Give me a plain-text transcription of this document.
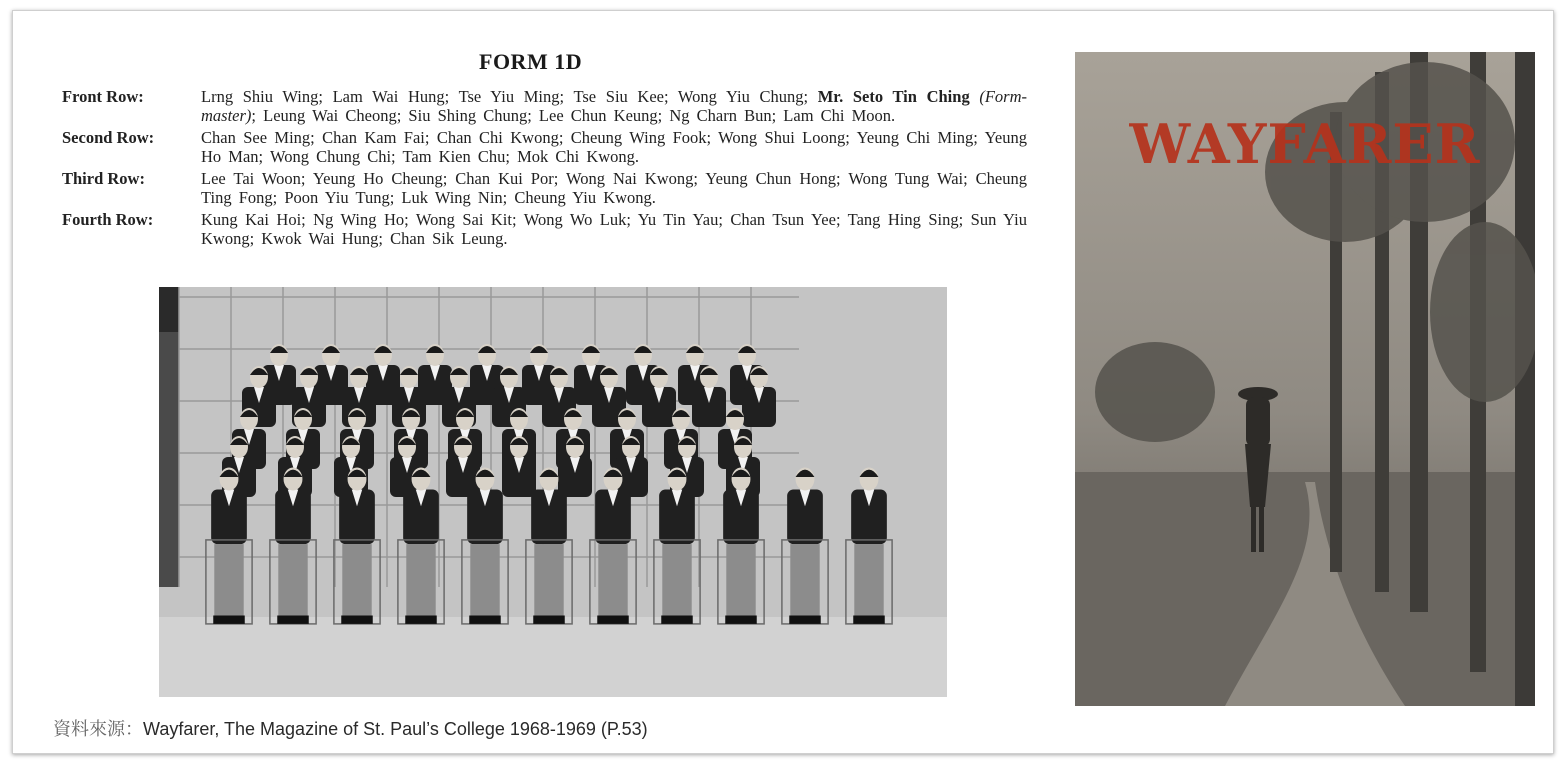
FORM 1D
Front Row:	Lrng Shiu Wing; Lam Wai Hung; Tse Yiu Ming; Tse Siu Kee; Wong Yiu Chung; Mr. Seto Tin Ching (Form-master); Leung Wai Cheong; Siu Shing Chung; Lee Chun Keung; Ng Charn Bun; Lam Chi Moon.
Second Row:	Chan See Ming; Chan Kam Fai; Chan Chi Kwong; Cheung Wing Fook; Wong Shui Loong; Yeung Chi Ming; Yeung Ho Man; Wong Chung Chi; Tam Kien Chu; Mok Chi Kwong.
Third Row:	Lee Tai Woon; Yeung Ho Cheung; Chan Kui Por; Wong Nai Kwong; Yeung Chun Hong; Wong Tung Wai; Cheung Ting Fong; Poon Yiu Tung; Luk Wing Nin; Cheung Yiu Kwong.
Fourth Row:	Kung Kai Hoi; Ng Wing Ho; Wong Sai Kit; Wong Wo Luk; Yu Tin Yau; Chan Tsun Yee; Tang Hing Sing; Sun Yiu Kwong; Kwok Wai Hung; Chan Sik Leung.
資料來源：Wayfarer, The Magazine of St. Paul’s College 1968-1969 (P.53)
WAYFARER
